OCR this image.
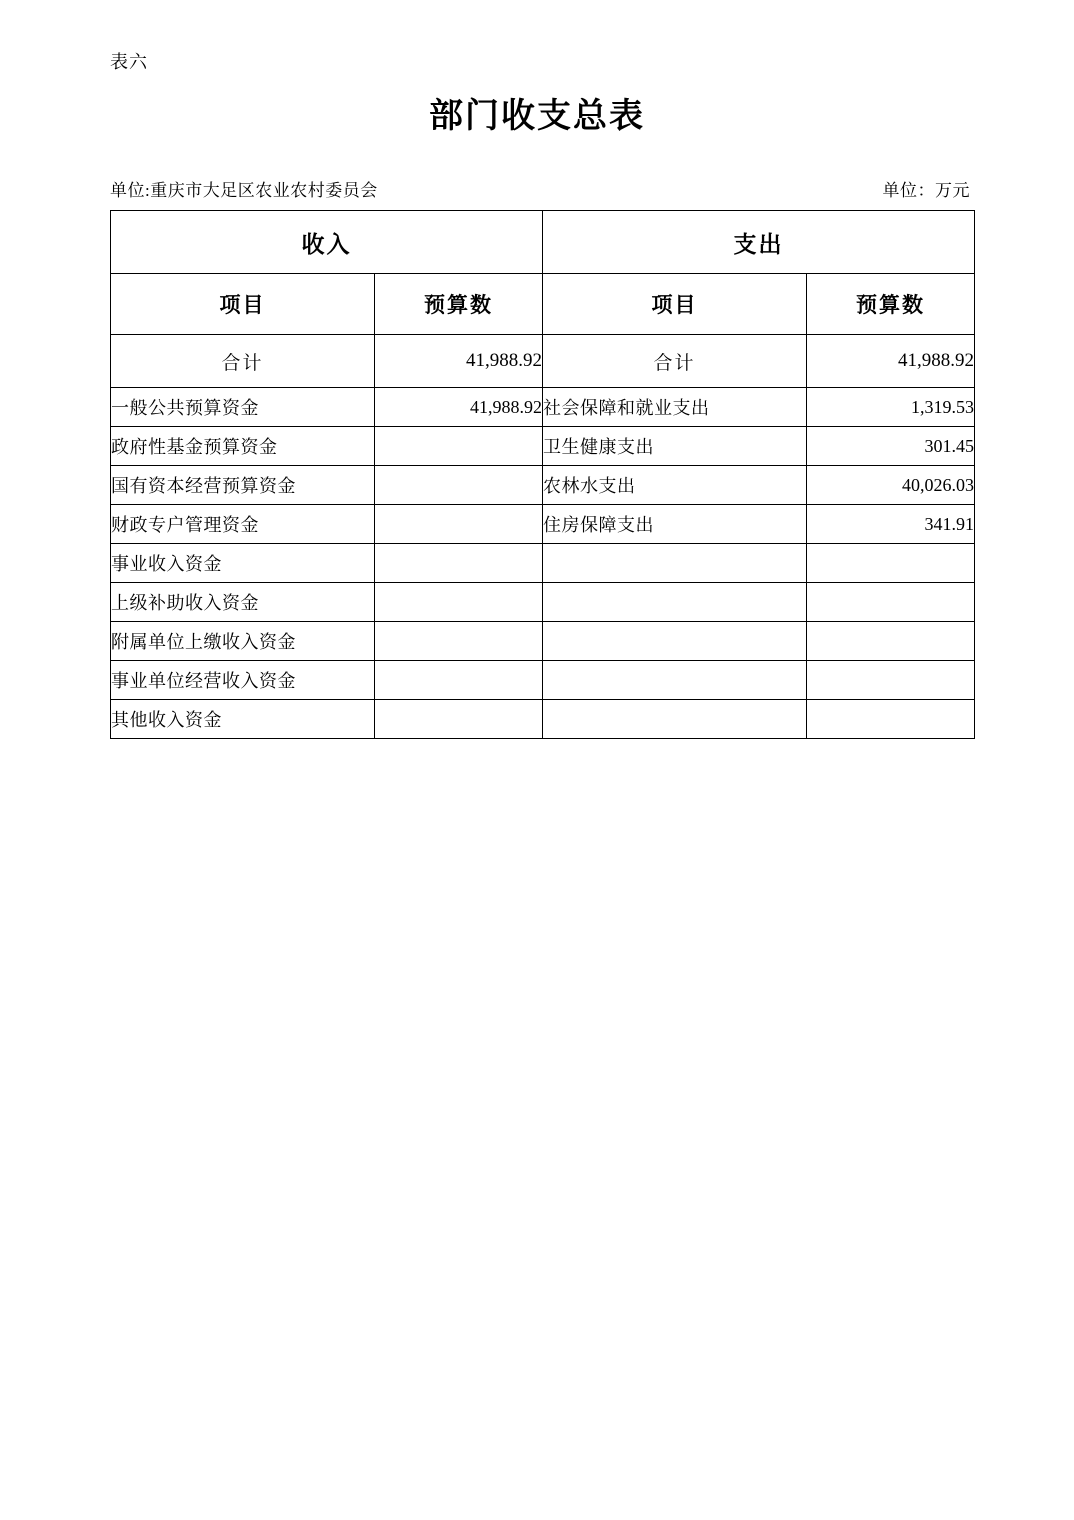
表六
部门收支总表
单位:重庆市大足区农业农村委员会	单位：万元
收入		支出	
项目	预算数	项目	预算数
合计	41,988.92	合计	41,988.92
一般公共预算资金	41,988.92	社会保障和就业支出	1,319.53
政府性基金预算资金		卫生健康支出	301.45
国有资本经营预算资金		农林水支出	40,026.03
财政专户管理资金		住房保障支出	341.91
事业收入资金			
上级补助收入资金			
附属单位上缴收入资金			
事业单位经营收入资金			
其他收入资金			
